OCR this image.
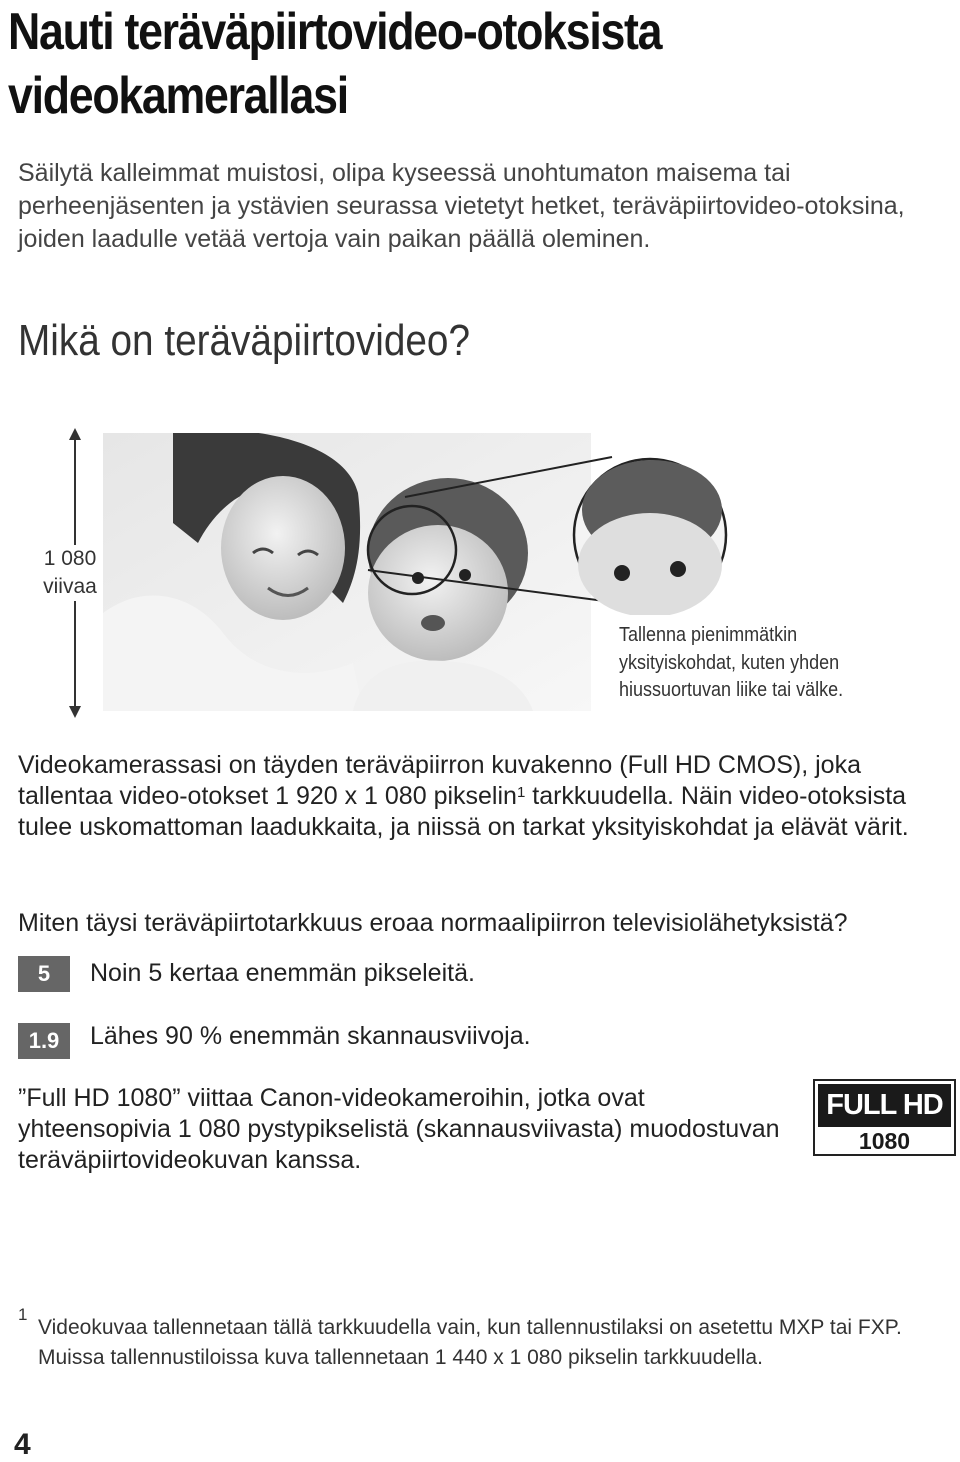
Nauti teräväpiirtovideo-otoksista videokamerallasi

Säilytä kalleimmat muistosi, olipa kyseessä unohtumaton maisema tai perheenjäsenten ja ystävien seurassa vietetyt hetket, teräväpiirtovideo-otoksina, joiden laadulle vetää vertoja vain paikan päällä oleminen.

Mikä on teräväpiirtovideo?
1 080
viivaa
Tallenna pienimmätkin yksityiskohdat, kuten yhden hiussuortuvan liike tai välke.

Videokamerassasi on täyden teräväpiirron kuvakenno (Full HD CMOS), joka tallentaa video-otokset 1 920 x 1 080 pikselin$^1$ tarkkuudella. Näin video-otoksista tulee uskomattoman laadukkaita, ja niissä on tarkat yksityiskohdat ja elävät värit.

Miten täysi teräväpiirtotarkkuus eroaa normaalipiirron televisiolähetyksistä?

5	Noin 5 kertaa enemmän pikseleitä.
1.9	Lähes 90 % enemmän skannausviivoja.

”Full HD 1080” viittaa Canon-videokameroihin, jotka ovat yhteensopivia 1 080 pystypikselistä (skannausviivasta) muodostuvan teräväpiirtovideokuvan kanssa.

FULL HD
1080
1

Videokuvaa tallennetaan tällä tarkkuudella vain, kun tallennustilaksi on asetettu MXP tai FXP. Muissa tallennustiloissa kuva tallennetaan 1 440 x 1 080 pikselin tarkkuudella.

4
